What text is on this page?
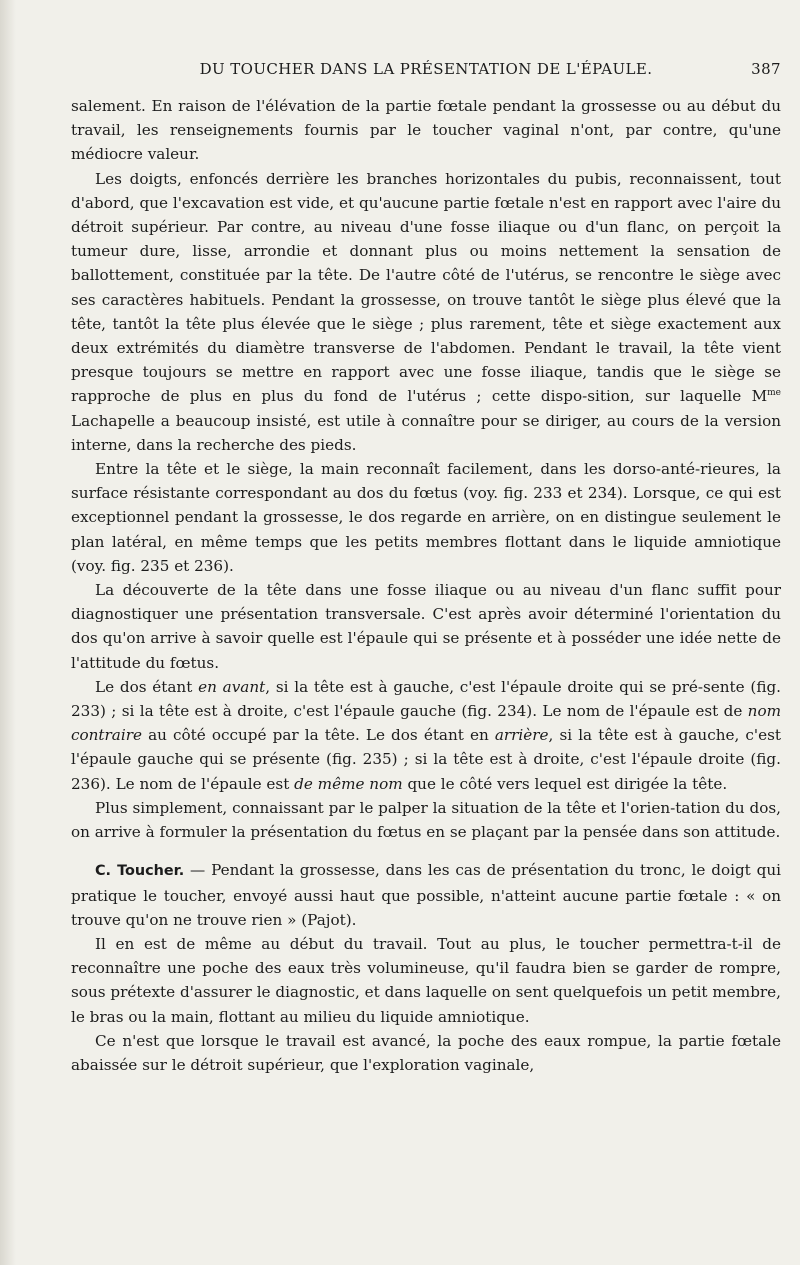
DU TOUCHER DANS LA PRÉSENTATION DE L'ÉPAULE.	387

salement. En raison de l'élévation de la partie fœtale pendant la grossesse ou au début du travail, les renseignements fournis par le toucher vaginal n'ont, par contre, qu'une médiocre valeur.

Les doigts, enfoncés derrière les branches horizontales du pubis, reconnaissent, tout d'abord, que l'excavation est vide, et qu'aucune partie fœtale n'est en rapport avec l'aire du détroit supérieur. Par contre, au niveau d'une fosse iliaque ou d'un flanc, on perçoit la tumeur dure, lisse, arrondie et donnant plus ou moins nettement la sensation de ballottement, constituée par la tête. De l'autre côté de l'utérus, se rencontre le siège avec ses caractères habituels. Pendant la grossesse, on trouve tantôt le siège plus élevé que la tête, tantôt la tête plus élevée que le siège ; plus rarement, tête et siège exactement aux deux extrémités du diamètre transverse de l'abdomen. Pendant le travail, la tête vient presque toujours se mettre en rapport avec une fosse iliaque, tandis que le siège se rapproche de plus en plus du fond de l'utérus ; cette dispo-sition, sur laquelle $M^{me}$ Lachapelle a beaucoup insisté, est utile à connaître pour se diriger, au cours de la version interne, dans la recherche des pieds.

Entre la tête et le siège, la main reconnaît facilement, dans les dorso-anté-rieures, la surface résistante correspondant au dos du fœtus (voy. fig. 233 et 234). Lorsque, ce qui est exceptionnel pendant la grossesse, le dos regarde en arrière, on en distingue seulement le plan latéral, en même temps que les petits membres flottant dans le liquide amniotique (voy. fig. 235 et 236).

La découverte de la tête dans une fosse iliaque ou au niveau d'un flanc suffit pour diagnostiquer une présentation transversale. C'est après avoir déterminé l'orientation du dos qu'on arrive à savoir quelle est l'épaule qui se présente et à posséder une idée nette de l'attitude du fœtus.

Le dos étant en avant, si la tête est à gauche, c'est l'épaule droite qui se pré-sente (fig. 233) ; si la tête est à droite, c'est l'épaule gauche (fig. 234). Le nom de l'épaule est de nom contraire au côté occupé par la tête. Le dos étant en arrière, si la tête est à gauche, c'est l'épaule gauche qui se présente (fig. 235) ; si la tête est à droite, c'est l'épaule droite (fig. 236). Le nom de l'épaule est de même nom que le côté vers lequel est dirigée la tête.

Plus simplement, connaissant par le palper la situation de la tête et l'orien-tation du dos, on arrive à formuler la présentation du fœtus en se plaçant par la pensée dans son attitude.

C. Toucher. — Pendant la grossesse, dans les cas de présentation du tronc, le doigt qui pratique le toucher, envoyé aussi haut que possible, n'atteint aucune partie fœtale : « on trouve qu'on ne trouve rien » (Pajot).

Il en est de même au début du travail. Tout au plus, le toucher permettra-t-il de reconnaître une poche des eaux très volumineuse, qu'il faudra bien se garder de rompre, sous prétexte d'assurer le diagnostic, et dans laquelle on sent quelquefois un petit membre, le bras ou la main, flottant au milieu du liquide amniotique.

Ce n'est que lorsque le travail est avancé, la poche des eaux rompue, la partie fœtale abaissée sur le détroit supérieur, que l'exploration vaginale,
